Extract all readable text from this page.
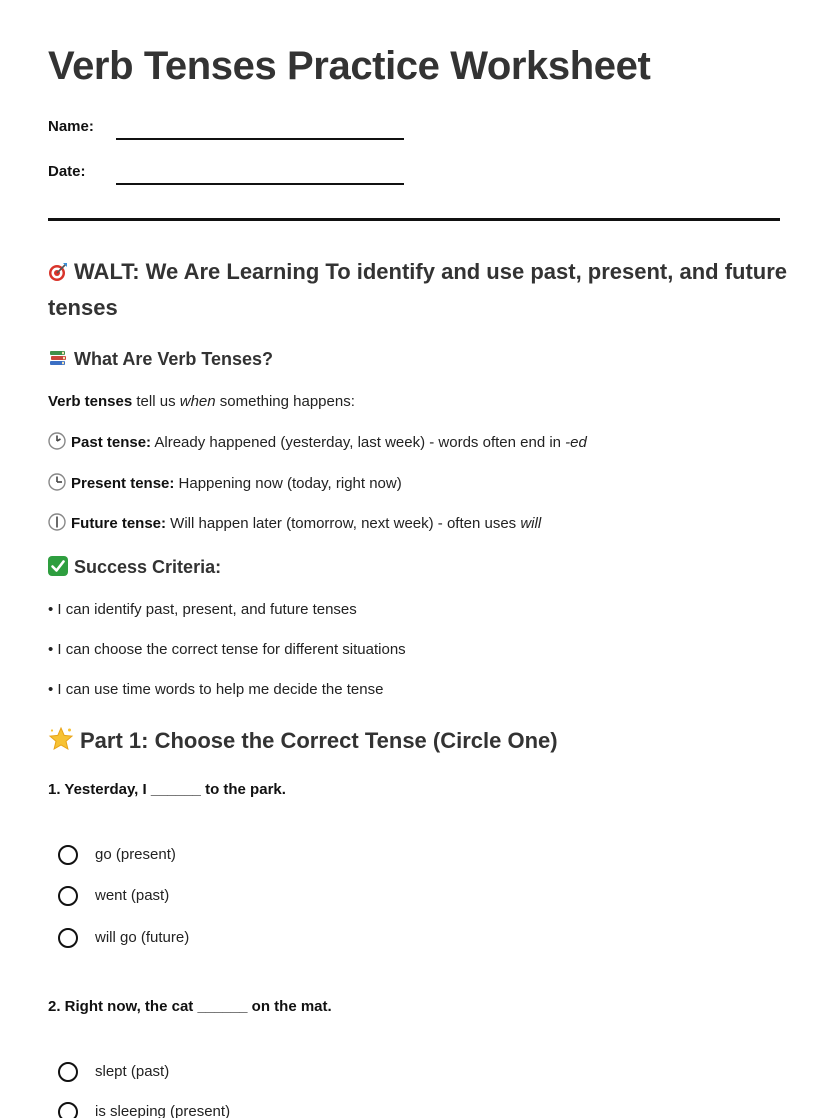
Verb Tenses Practice Worksheet
Name:
Date:
WALT: We Are Learning To identify and use past, present, and future tenses
What Are Verb Tenses?
Verb tenses tell us when something happens:
Past tense: Already happened (yesterday, last week) - words often end in -ed
Present tense: Happening now (today, right now)
Future tense: Will happen later (tomorrow, next week) - often uses will
Success Criteria:
• I can identify past, present, and future tenses
• I can choose the correct tense for different situations
• I can use time words to help me decide the tense
Part 1: Choose the Correct Tense (Circle One)
1. Yesterday, I ______ to the park.
go (present)
went (past)
will go (future)
2. Right now, the cat ______ on the mat.
slept (past)
is sleeping (present)
